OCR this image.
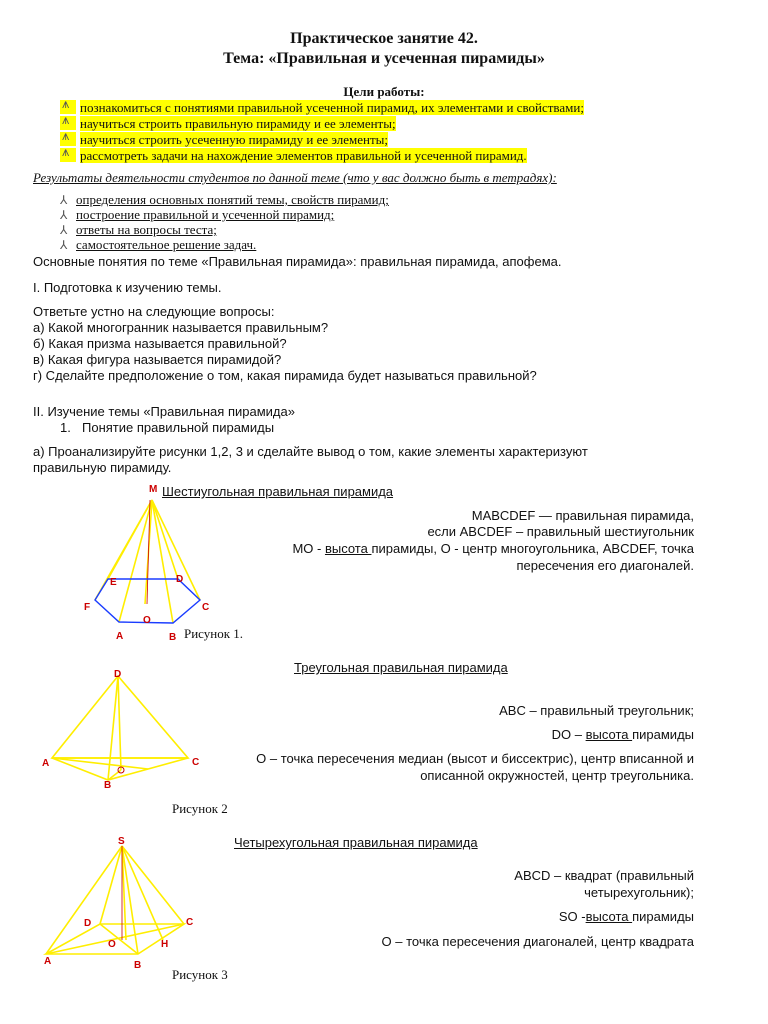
Практическое занятие 42.
Тема: «Правильная и усеченная пирамиды»
Цели работы:
⩚познакомиться с понятиями правильной усеченной пирамид, их элементами и свойствами;
⩚научиться строить правильную пирамиду и ее элементы;
⩚научиться строить усеченную пирамиду и ее элементы;
⩚рассмотреть задачи на нахождение элементов правильной и усеченной пирамид.
Результаты деятельности студентов по данной теме (что у вас должно быть в тетрадях):
⅄ определения основных понятий темы, свойств пирамид;
⅄ построение правильной и усеченной пирамид;
⅄ ответы на вопросы теста;
⅄ самостоятельное решение задач.
Основные понятия по теме «Правильная пирамида»: правильная пирамида, апофема.
I. Подготовка к изучению темы.
Ответьте устно на следующие вопросы:
а) Какой многогранник называется правильным?
б) Какая призма называется правильной?
в) Какая фигура называется пирамидой?
г) Сделайте предположение о том, какая пирамида будет называться правильной?
II. Изучение темы «Правильная пирамида»
1. Понятие правильной пирамиды
а) Проанализируйте рисунки 1,2, 3 и сделайте вывод о том, какие элементы характеризуют
правильную пирамиду.
M
E	D
F	C
O
A	B
Шестиугольная правильная пирамида
MABCDEF — правильная пирамида,
если ABCDEF – правильный шестиугольник
МО - высота пирамиды, О - центр многоугольника, ABCDEF, точка
пересечения его диагоналей.
Рисунок 1.
D
A	C
B
Треугольная правильная пирамида
ABC – правильный треугольник;
DO – высота пирамиды
О – точка пересечения медиан (высот и биссектрис), центр вписанной и
описанной окружностей, центр треугольника.
Рисунок 2
S
D	C
O	H
A	B
Четырехугольная правильная пирамида
ABCD – квадрат (правильный
четырехугольник);
SO -высота пирамиды
О – точка пересечения диагоналей, центр квадрата
Рисунок 3
